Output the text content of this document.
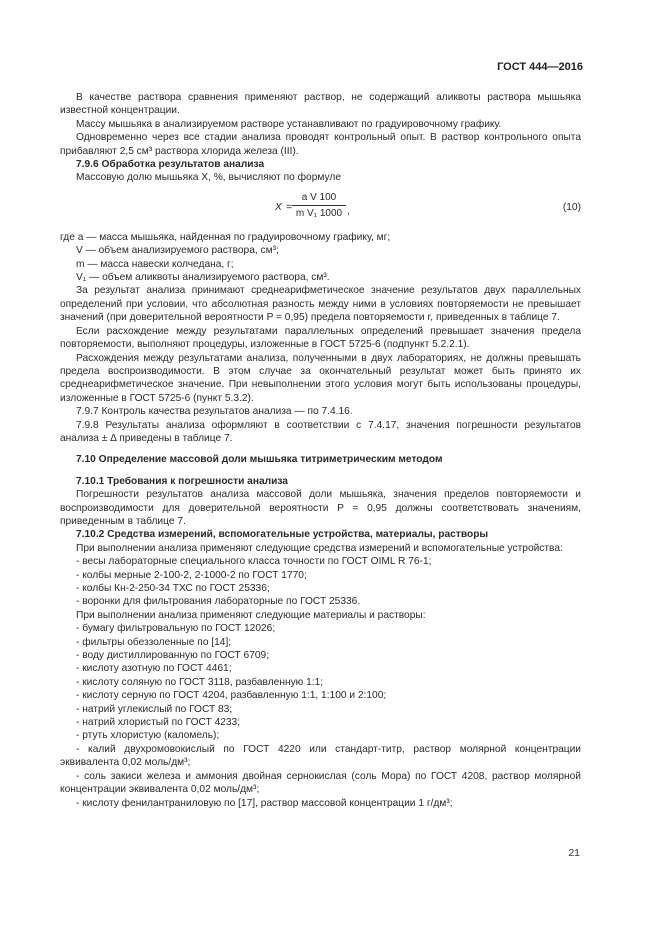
ГОСТ 444—2016

В качестве раствора сравнения применяют раствор, не содержащий аликвоты раствора мышьяка известной концентрации.

Массу мышьяка в анализируемом растворе устанавливают по градуировочному графику.

Одновременно через все стадии анализа проводят контрольный опыт. В раствор контрольного опыта прибавляют 2,5 см³ раствора хлорида железа (III).

7.9.6 Обработка результатов анализа

Массовую долю мышьяка X, %, вычисляют по формуле

X =
a V 100
m V₁ 1000 ,	(10)

где a — масса мышьяка, найденная по градуировочному графику, мг;

V — объем анализируемого раствора, см³;

m — масса навески колчедана, г;

V₁ — объем аликвоты анализируемого раствора, см³.

За результат анализа принимают среднеарифметическое значение результатов двух параллельных определений при условии, что абсолютная разность между ними в условиях повторяемости не превышает значений (при доверительной вероятности P = 0,95) предела повторяемости r, приведенных в таблице 7.

Если расхождение между результатами параллельных определений превышает значения предела повторяемости, выполняют процедуры, изложенные в ГОСТ 5725-6 (подпункт 5.2.2.1).

Расхождения между результатами анализа, полученными в двух лабораториях, не должны превышать предела воспроизводимости. В этом случае за окончательный результат может быть принято их среднеарифметическое значение. При невыполнении этого условия могут быть использованы процедуры, изложенные в ГОСТ 5725-6 (пункт 5.3.2).

7.9.7 Контроль качества результатов анализа — по 7.4.16.

7.9.8 Результаты анализа оформляют в соответствии с 7.4.17, значения погрешности результатов анализа ± Δ приведены в таблице 7.

7.10 Определение массовой доли мышьяка титриметрическим методом

7.10.1 Требования к погрешности анализа

Погрешности результатов анализа массовой доли мышьяка, значения пределов повторяемости и воспроизводимости для доверительной вероятности P = 0,95 должны соответствовать значениям, приведенным в таблице 7.

7.10.2 Средства измерений, вспомогательные устройства, материалы, растворы

При выполнении анализа применяют следующие средства измерений и вспомогательные устройства:

- весы лабораторные специального класса точности по ГОСТ OIML R 76-1;

- колбы мерные 2-100-2, 2-1000-2 по ГОСТ 1770;

- колбы Кн-2-250-34 ТХС по ГОСТ 25336;

- воронки для фильтрования лабораторные по ГОСТ 25336.

При выполнении анализа применяют следующие материалы и растворы:

- бумагу фильтровальную по ГОСТ 12026;

- фильтры обеззоленные по [14];

- воду дистиллированную по ГОСТ 6709;

- кислоту азотную по ГОСТ 4461;

- кислоту соляную по ГОСТ 3118, разбавленную 1:1;

- кислоту серную по ГОСТ 4204, разбавленную 1:1, 1:100 и 2:100;

- натрий углекислый по ГОСТ 83;

- натрий хлористый по ГОСТ 4233;

- ртуть хлористую (каломель);

- калий двухромовокислый по ГОСТ 4220 или стандарт-титр, раствор молярной концентрации эквивалента 0,02 моль/дм³;

- соль закиси железа и аммония двойная сернокислая (соль Мора) по ГОСТ 4208, раствор молярной концентрации эквивалента 0,02 моль/дм³;

- кислоту фенилантраниловую по [17], раствор массовой концентрации 1 г/дм³;

21
